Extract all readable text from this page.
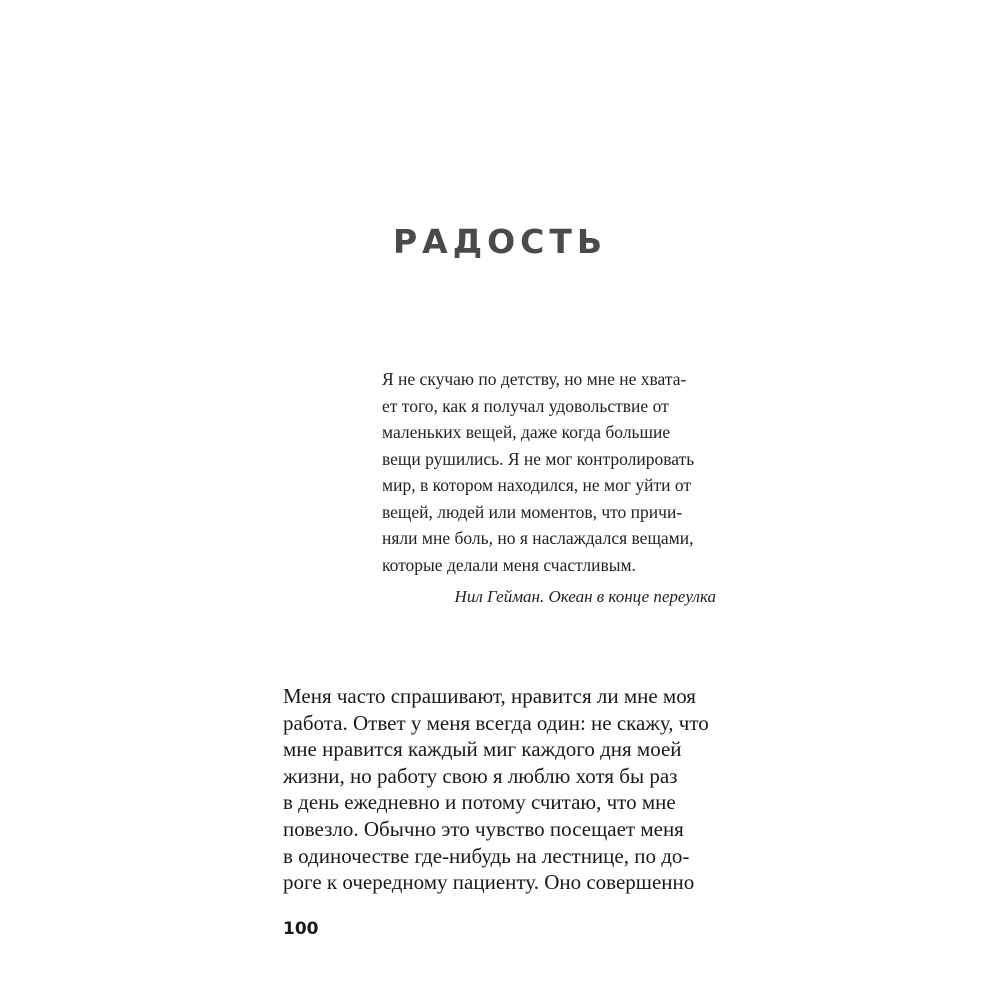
РАДОСТЬ
Я не скучаю по детству, но мне не хвата-
ет того, как я получал удовольствие от
маленьких вещей, даже когда большие
вещи рушились. Я не мог контролировать
мир, в котором находился, не мог уйти от
вещей, людей или моментов, что причи-
няли мне боль, но я наслаждался вещами,
которые делали меня счастливым.
Нил Гейман. Океан в конце переулка
Меня часто спрашивают, нравится ли мне моя
работа. Ответ у меня всегда один: не скажу, что
мне нравится каждый миг каждого дня моей
жизни, но работу свою я люблю хотя бы раз
в день ежедневно и потому считаю, что мне
повезло. Обычно это чувство посещает меня
в одиночестве где-нибудь на лестнице, по до-
роге к очередному пациенту. Оно совершенно
100
